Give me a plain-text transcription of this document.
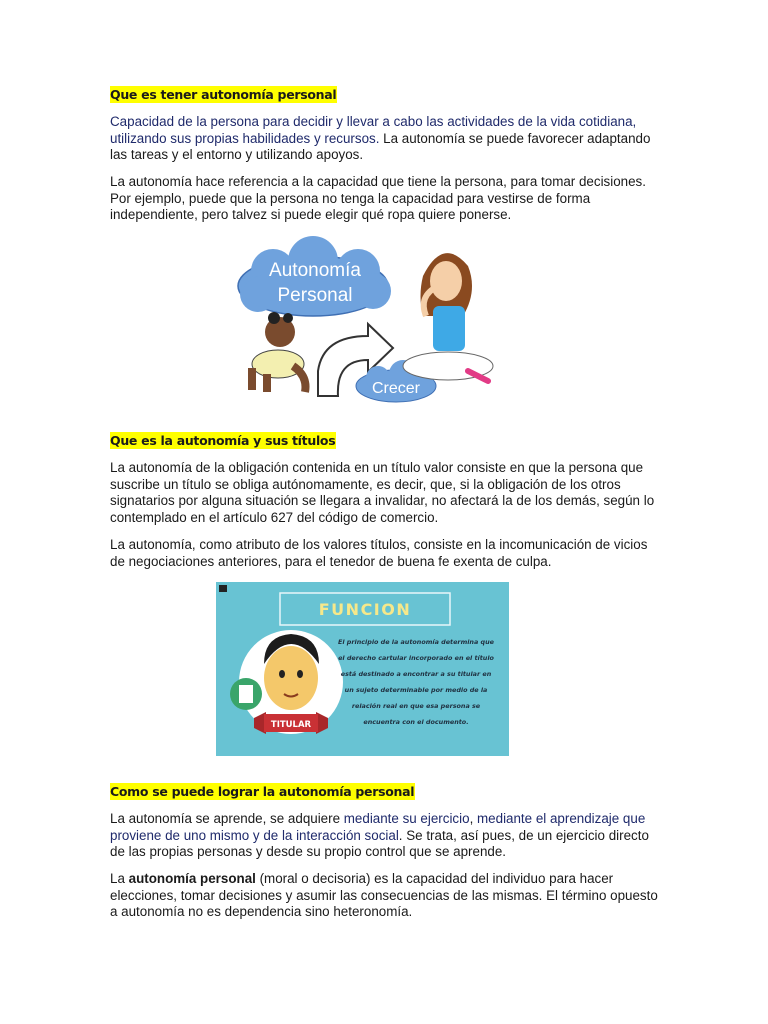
Que es tener autonomía personal

Capacidad de la persona para decidir y llevar a cabo las actividades de la vida cotidiana, utilizando sus propias habilidades y recursos. La autonomía se puede favorecer adaptando las tareas y el entorno y utilizando apoyos.

La autonomía hace referencia a la capacidad que tiene la persona, para tomar decisiones. Por ejemplo, puede que la persona no tenga la capacidad para vestirse de forma independiente, pero talvez si puede elegir qué ropa quiere ponerse.

Que es la autonomía y sus títulos

La autonomía de la obligación contenida en un título valor consiste en que la persona que suscribe un título se obliga autónomamente, es decir, que, si la obligación de los otros signatarios por alguna situación se llegara a invalidar, no afectará la de los demás, según lo contemplado en el artículo 627 del código de comercio.

La autonomía, como atributo de los valores títulos, consiste en la incomunicación de vicios de negociaciones anteriores, para el tenedor de buena fe exenta de culpa.

Como se puede lograr la autonomía personal

La autonomía se aprende, se adquiere mediante su ejercicio, mediante el aprendizaje que proviene de uno mismo y de la interacción social. Se trata, así pues, de un ejercicio directo de las propias personas y desde su propio control que se aprende.

La autonomía personal (moral o decisoria) es la capacidad del individuo para hacer elecciones, tomar decisiones y asumir las consecuencias de las mismas. El término opuesto a autonomía no es dependencia sino heteronomía.

Autonomía
Personal
Crecer
FUNCION
TITULAR
El principio de la autonomía determina que
el derecho cartular incorporado en el título
está destinado a encontrar a su titular en
un sujeto determinable por medio de la
relación real en que esa persona se
encuentra con el documento.
